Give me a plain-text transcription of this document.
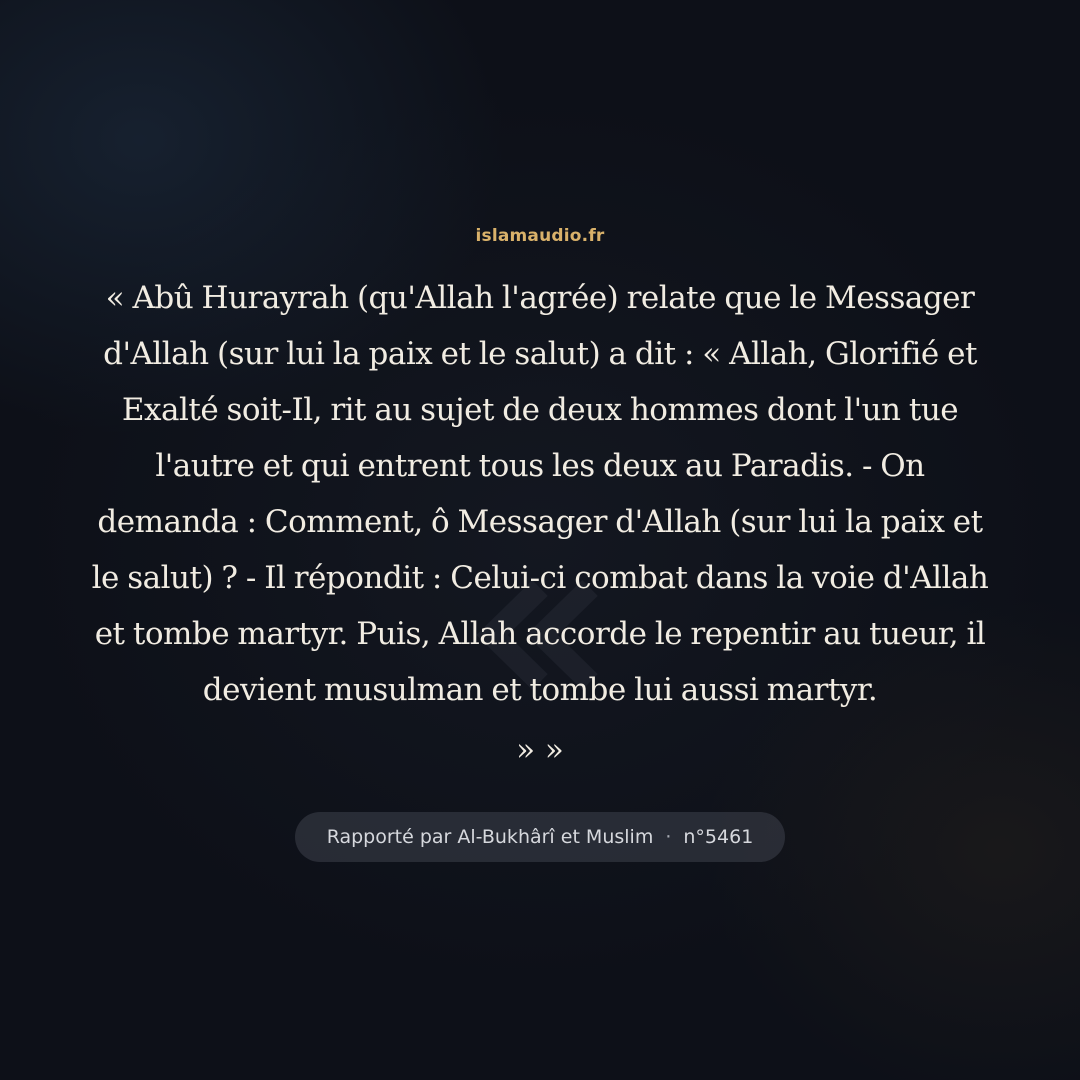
islamaudio.fr
« Abû Hurayrah (qu'Allah l'agrée) relate que le Messager d'Allah (sur lui la paix et le salut) a dit : « Allah, Glorifié et Exalté soit-Il, rit au sujet de deux hommes dont l'un tue l'autre et qui entrent tous les deux au Paradis. - On demanda : Comment, ô Messager d'Allah (sur lui la paix et le salut) ? - Il répondit : Celui-ci combat dans la voie d'Allah et tombe martyr. Puis, Allah accorde le repentir au tueur, il devient musulman et tombe lui aussi martyr.
» »
Rapporté par Al-Bukhârî et Muslim · n°5461
